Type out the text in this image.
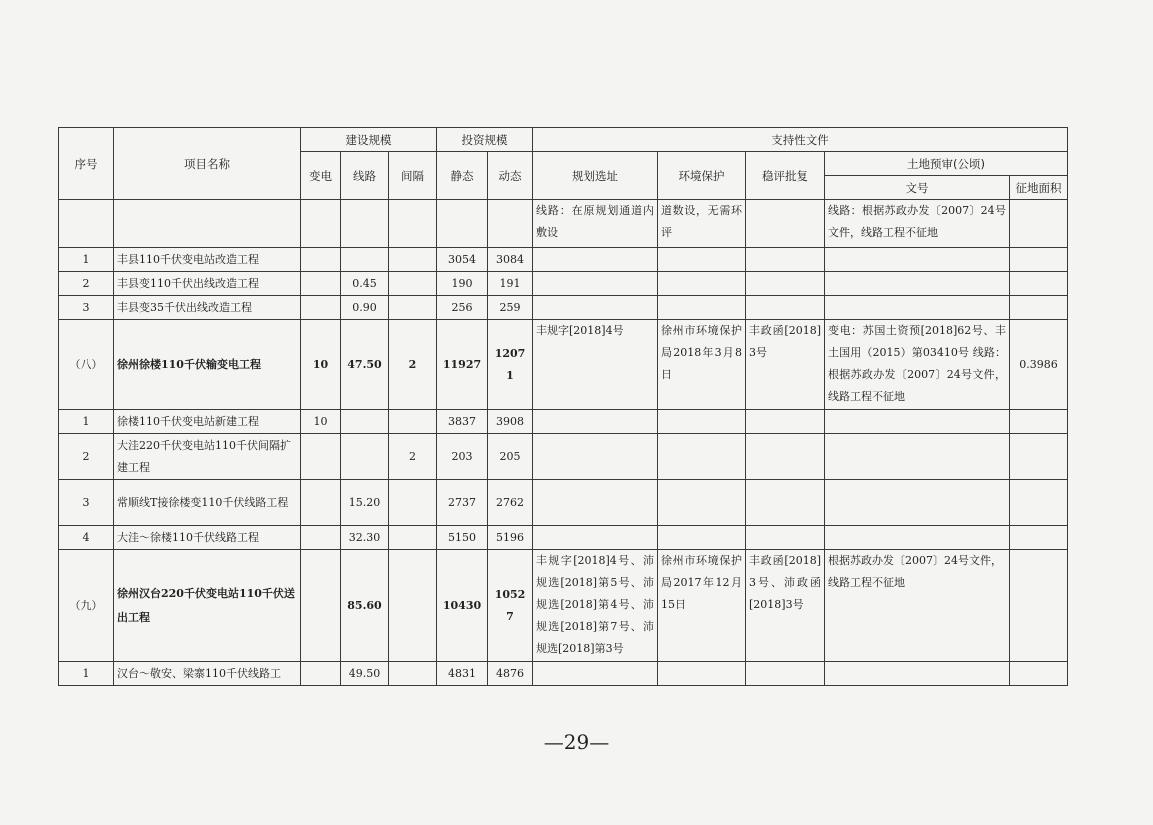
序号	项目名称	建设规模			投资规模		支持性文件				
		变电	线路	间隔	静态	动态	规划选址	环境保护	稳评批复	土地预审(公顷)	
										文号	征地面积
							线路：在原规划通道内敷设	道数设，无需环评		线路：根据苏政办发〔2007〕24号文件，线路工程不征地	
1	丰县110千伏变电站改造工程				3054	3084					
2	丰县变110千伏出线改造工程		0.45		190	191					
3	丰县变35千伏出线改造工程		0.90		256	259					
（八）	徐州徐楼110千伏输变电工程	10	47.50	2	11927	12071	丰规字[2018]4号	徐州市环境保护局2018年3月8日	丰政函[2018]3号	变电：苏国土资预[2018]62号、丰土国用（2015）第03410号 线路：根据苏政办发〔2007〕24号文件，线路工程不征地	0.3986
1	徐楼110千伏变电站新建工程	10			3837	3908					
2	大洼220千伏变电站110千伏间隔扩建工程			2	203	205					
3	常顺线T接徐楼变110千伏线路工程		15.20		2737	2762					
4	大洼～徐楼110千伏线路工程		32.30		5150	5196					
（九）	徐州汉台220千伏变电站110千伏送出工程		85.60		10430	10527	丰规字[2018]4号、沛规选[2018]第5号、沛规选[2018]第4号、沛规选[2018]第7号、沛规选[2018]第3号	徐州市环境保护局2017年12月15日	丰政函[2018]3号、沛政函[2018]3号	根据苏政办发〔2007〕24号文件，线路工程不征地	
1	汉台～敬安、梁寨110千伏线路工		49.50		4831	4876					
—29—
